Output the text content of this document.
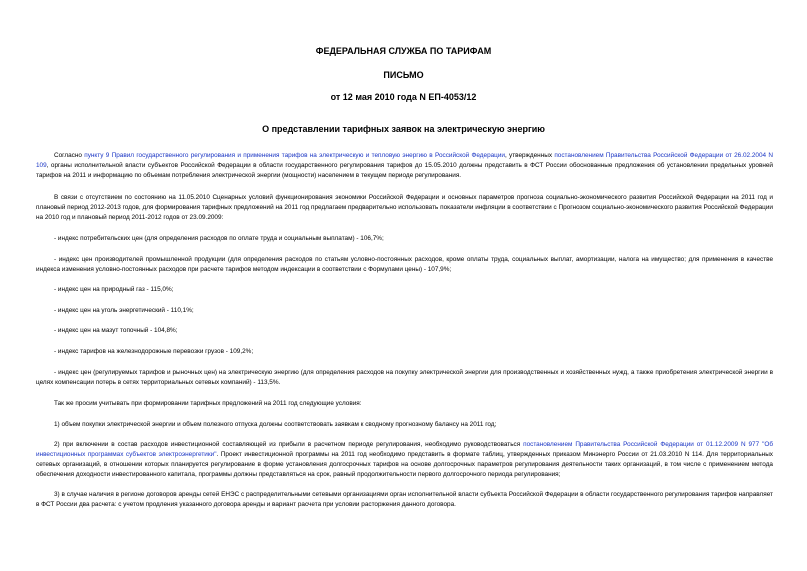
ФЕДЕРАЛЬНАЯ СЛУЖБА ПО ТАРИФАМ
ПИСЬМО
от 12 мая 2010 года N ЕП-4053/12
О представлении тарифных заявок на электрическую энергию
Согласно пункту 9 Правил государственного регулирования и применения тарифов на электрическую и тепловую энергию в Российской Федерации, утвержденных постановлением Правительства Российской Федерации от 26.02.2004 N 109, органы исполнительной власти субъектов Российской Федерации в области государственного регулирования тарифов до 15.05.2010 должны представить в ФСТ России обоснованные предложения об установлении предельных уровней тарифов на 2011 и информацию по объемам потребления электрической энергии (мощности) населением в текущем периоде регулирования.
В связи с отсутствием по состоянию на 11.05.2010 Сценарных условий функционирования экономики Российской Федерации и основных параметров прогноза социально-экономического развития Российской Федерации на 2011 год и плановый период 2012-2013 годов, для формирования тарифных предложений на 2011 год предлагаем предварительно использовать показатели инфляции в соответствии с Прогнозом социально-экономического развития Российской Федерации на 2010 год и плановый период 2011-2012 годов от 23.09.2009:
- индекс потребительских цен (для определения расходов по оплате труда и социальным выплатам) - 106,7%;
- индекс цен производителей промышленной продукции (для определения расходов по статьям условно-постоянных расходов, кроме оплаты труда, социальных выплат, амортизации, налога на имущество; для применения в качестве индекса изменения условно-постоянных расходов при расчете тарифов методом индексации в соответствии с Формулами цены) - 107,9%;
- индекс цен на природный газ - 115,0%;
- индекс цен на уголь энергетический - 110,1%;
- индекс цен на мазут топочный - 104,8%;
- индекс тарифов на железнодорожные перевозки грузов - 109,2%;
- индекс цен (регулируемых тарифов и рыночных цен) на электрическую энергию (для определения расходов на покупку электрической энергии для производственных и хозяйственных нужд, а также приобретения электрической энергии в целях компенсации потерь в сетях территориальных сетевых компаний) - 113,5%.
Так же просим учитывать при формировании тарифных предложений на 2011 год следующие условия:
1) объем покупки электрической энергии и объем полезного отпуска должны соответствовать заявкам к сводному прогнозному балансу на 2011 год;
2) при включении в состав расходов инвестиционной составляющей из прибыли в расчетном периоде регулирования, необходимо руководствоваться постановлением Правительства Российской Федерации от 01.12.2009 N 977 "Об инвестиционных программах субъектов электроэнергетики". Проект инвестиционной программы на 2011 год необходимо представить в формате таблиц, утвержденных приказом Минэнерго России от 21.03.2010 N 114. Для территориальных сетевых организаций, в отношении которых планируется регулирование в форме установления долгосрочных тарифов на основе долгосрочных параметров регулирования деятельности таких организаций, в том числе с применением метода обеспечения доходности инвестированного капитала, программы должны представляться на срок, равный продолжительности первого долгосрочного периода регулирования;
3) в случае наличия в регионе договоров аренды сетей ЕНЭС с распределительными сетевыми организациями орган исполнительной власти субъекта Российской Федерации в области государственного регулирования тарифов направляет в ФСТ России два расчета: с учетом продления указанного договора аренды и вариант расчета при условии расторжения данного договора.
